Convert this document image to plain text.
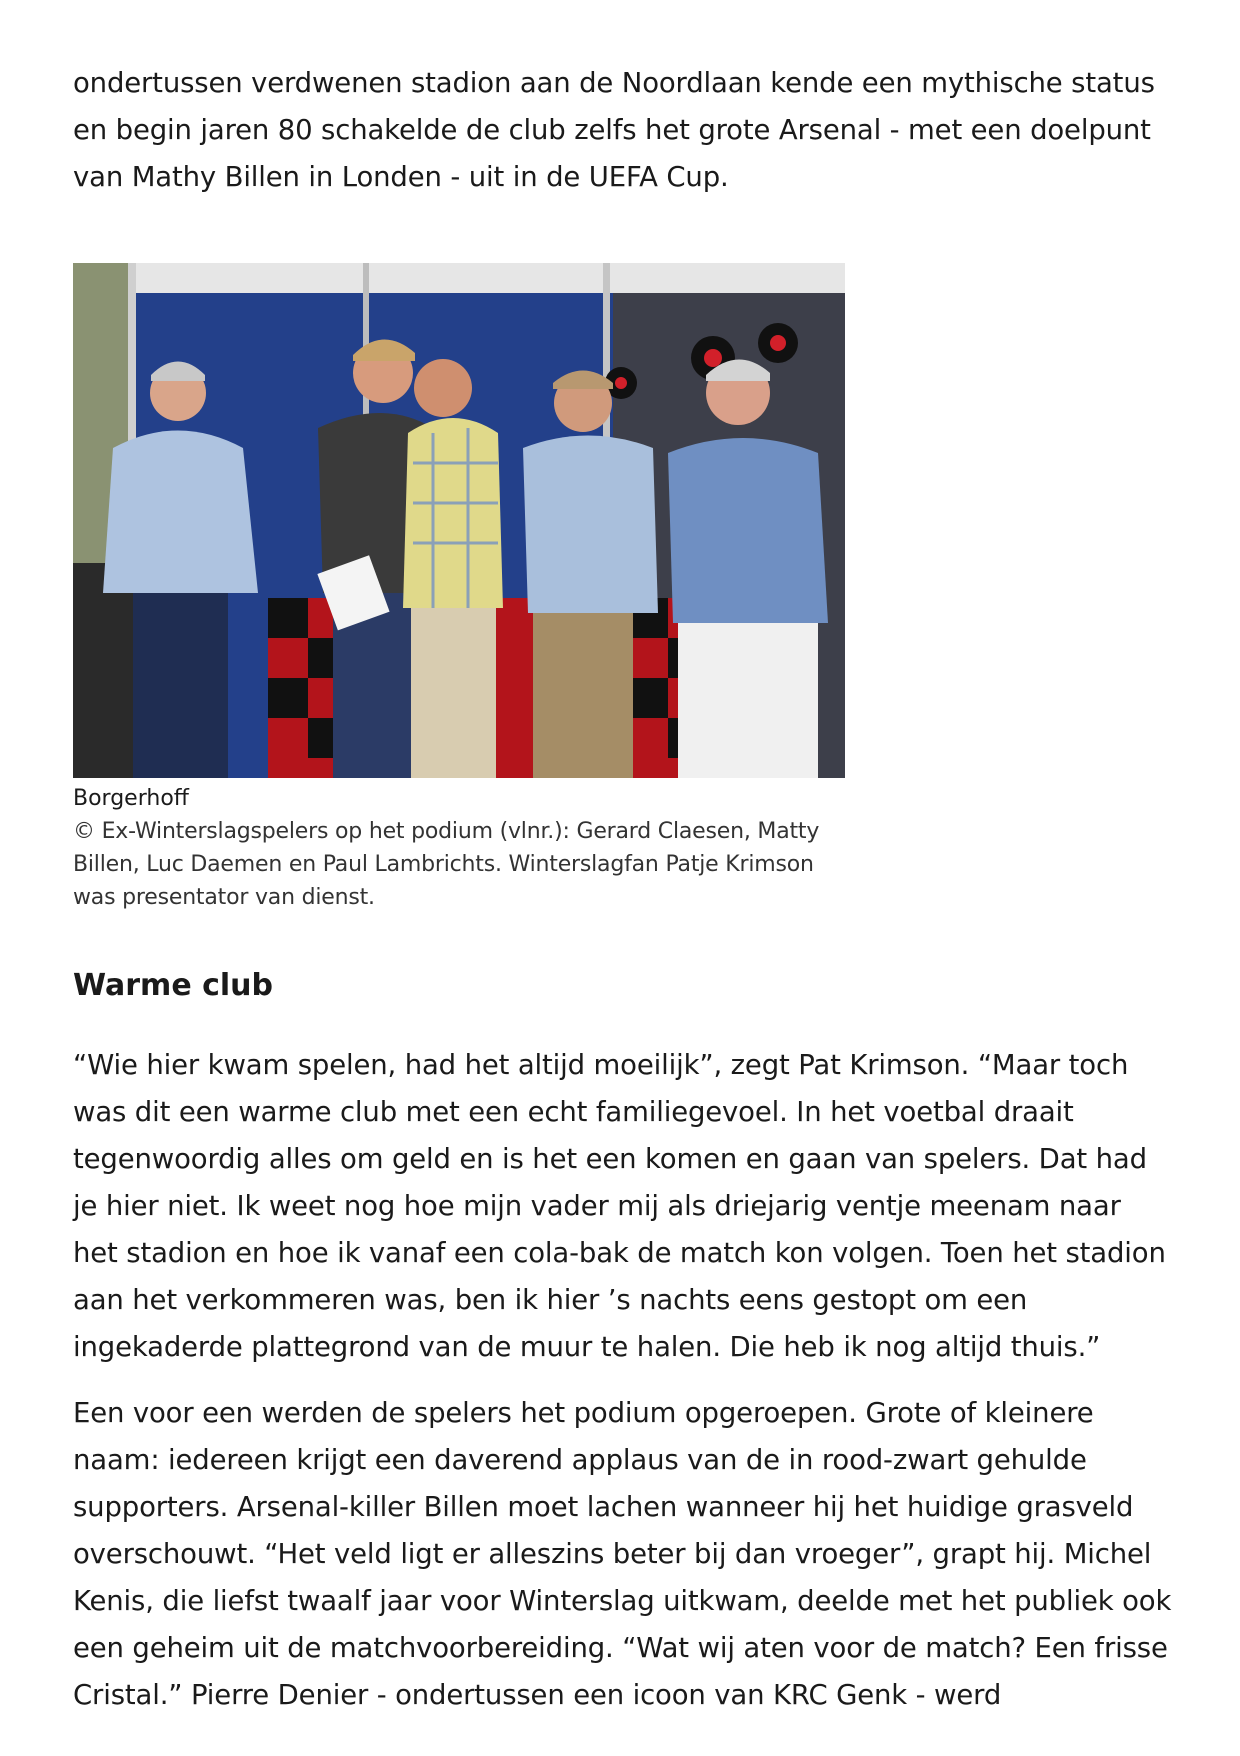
ondertussen verdwenen stadion aan de Noordlaan kende een mythische status en begin jaren 80 schakelde de club zelfs het grote Arsenal - met een doelpunt van Mathy Billen in Londen - uit in de UEFA Cup.

Borgerhoff
© Ex-Winterslagspelers op het podium (vlnr.): Gerard Claesen, Matty Billen, Luc Daemen en Paul Lambrichts. Winterslagfan Patje Krimson was presentator van dienst.
Warme club

“Wie hier kwam spelen, had het altijd moeilijk”, zegt Pat Krimson. “Maar toch was dit een warme club met een echt familiegevoel. In het voetbal draait tegenwoordig alles om geld en is het een komen en gaan van spelers. Dat had je hier niet. Ik weet nog hoe mijn vader mij als driejarig ventje meenam naar het stadion en hoe ik vanaf een cola-bak de match kon volgen. Toen het stadion aan het verkommeren was, ben ik hier ’s nachts eens gestopt om een ingekaderde plattegrond van de muur te halen. Die heb ik nog altijd thuis.”

Een voor een werden de spelers het podium opgeroepen. Grote of kleinere naam: iedereen krijgt een daverend applaus van de in rood-zwart gehulde supporters. Arsenal-killer Billen moet lachen wanneer hij het huidige grasveld overschouwt. “Het veld ligt er alleszins beter bij dan vroeger”, grapt hij. Michel Kenis, die liefst twaalf jaar voor Winterslag uitkwam, deelde met het publiek ook een geheim uit de matchvoorbereiding. “Wat wij aten voor de match? Een frisse Cristal.” Pierre Denier - ondertussen een icoon van KRC Genk - werd
